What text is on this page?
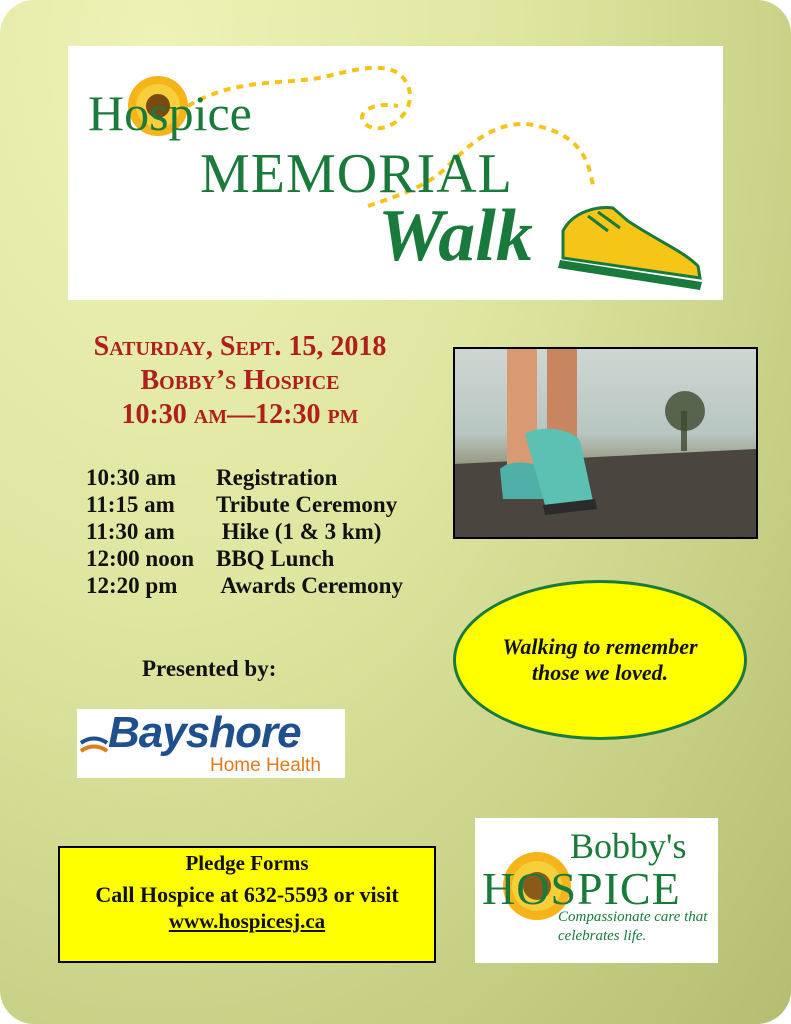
Hospice
MEMORIAL
Walk
Saturday, Sept. 15, 2018
Bobby’s Hospice
10:30 am—12:30 pm
10:30 am	Registration
11:15 am	Tribute Ceremony
11:30 am	Hike (1 & 3 km)
12:00 noon BBQ Lunch
12:20 pm	Awards Ceremony
Walking to remember those we loved.
Presented by:
Bayshore
Home Health
Pledge Forms
Call Hospice at 632-5593 or visit
www.hospicesj.ca
Bobby's
HOSPICE
Compassionate care that celebrates life.
